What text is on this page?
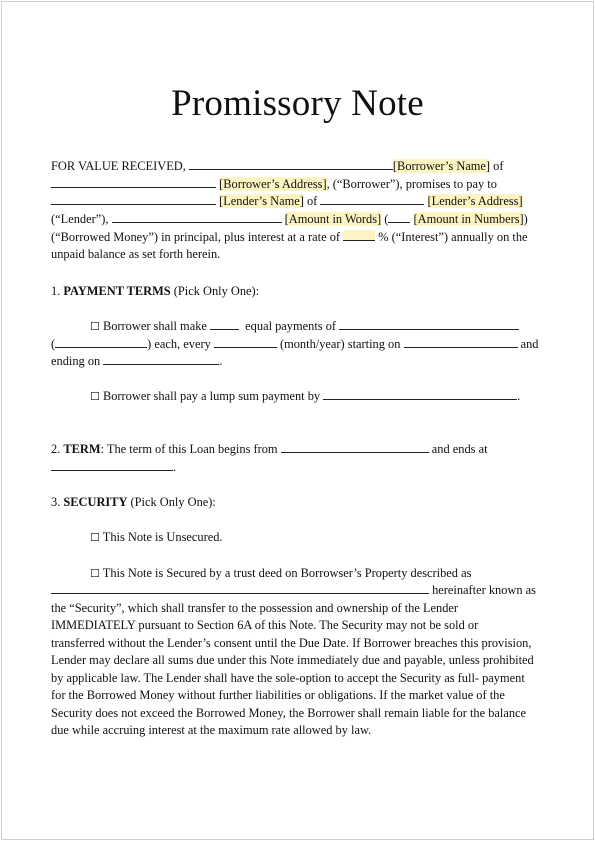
Promissory Note
FOR VALUE RECEIVED,	[Borrower’s Name] of
[Borrower’s Address], (“Borrower”), promises to pay to
[Lender’s Name] of	[Lender’s Address]
(“Lender”),	[Amount in Words] ( [Amount in Numbers])
(“Borrowed Money”) in principal, plus interest at a rate of	% (“Interest”) annually on the
unpaid balance as set forth herein.
1. PAYMENT TERMS (Pick Only One):
☐ Borrower shall make   equal payments of
(	) each, every	(month/year) starting on	and
ending on	.
☐ Borrower shall pay a lump sum payment by	.
2. TERM: The term of this Loan begins from	and ends at
.
3. SECURITY (Pick Only One):
☐ This Note is Unsecured.
☐ This Note is Secured by a trust deed on Borrowser’s Property described as
hereinafter known as
the “Security”, which shall transfer to the possession and ownership of the Lender
IMMEDIATELY pursuant to Section 6A of this Note. The Security may not be sold or
transferred without the Lender’s consent until the Due Date. If Borrower breaches this provision,
Lender may declare all sums due under this Note immediately due and payable, unless prohibited
by applicable law. The Lender shall have the sole-option to accept the Security as full- payment
for the Borrowed Money without further liabilities or obligations. If the market value of the
Security does not exceed the Borrowed Money, the Borrower shall remain liable for the balance
due while accruing interest at the maximum rate allowed by law.
